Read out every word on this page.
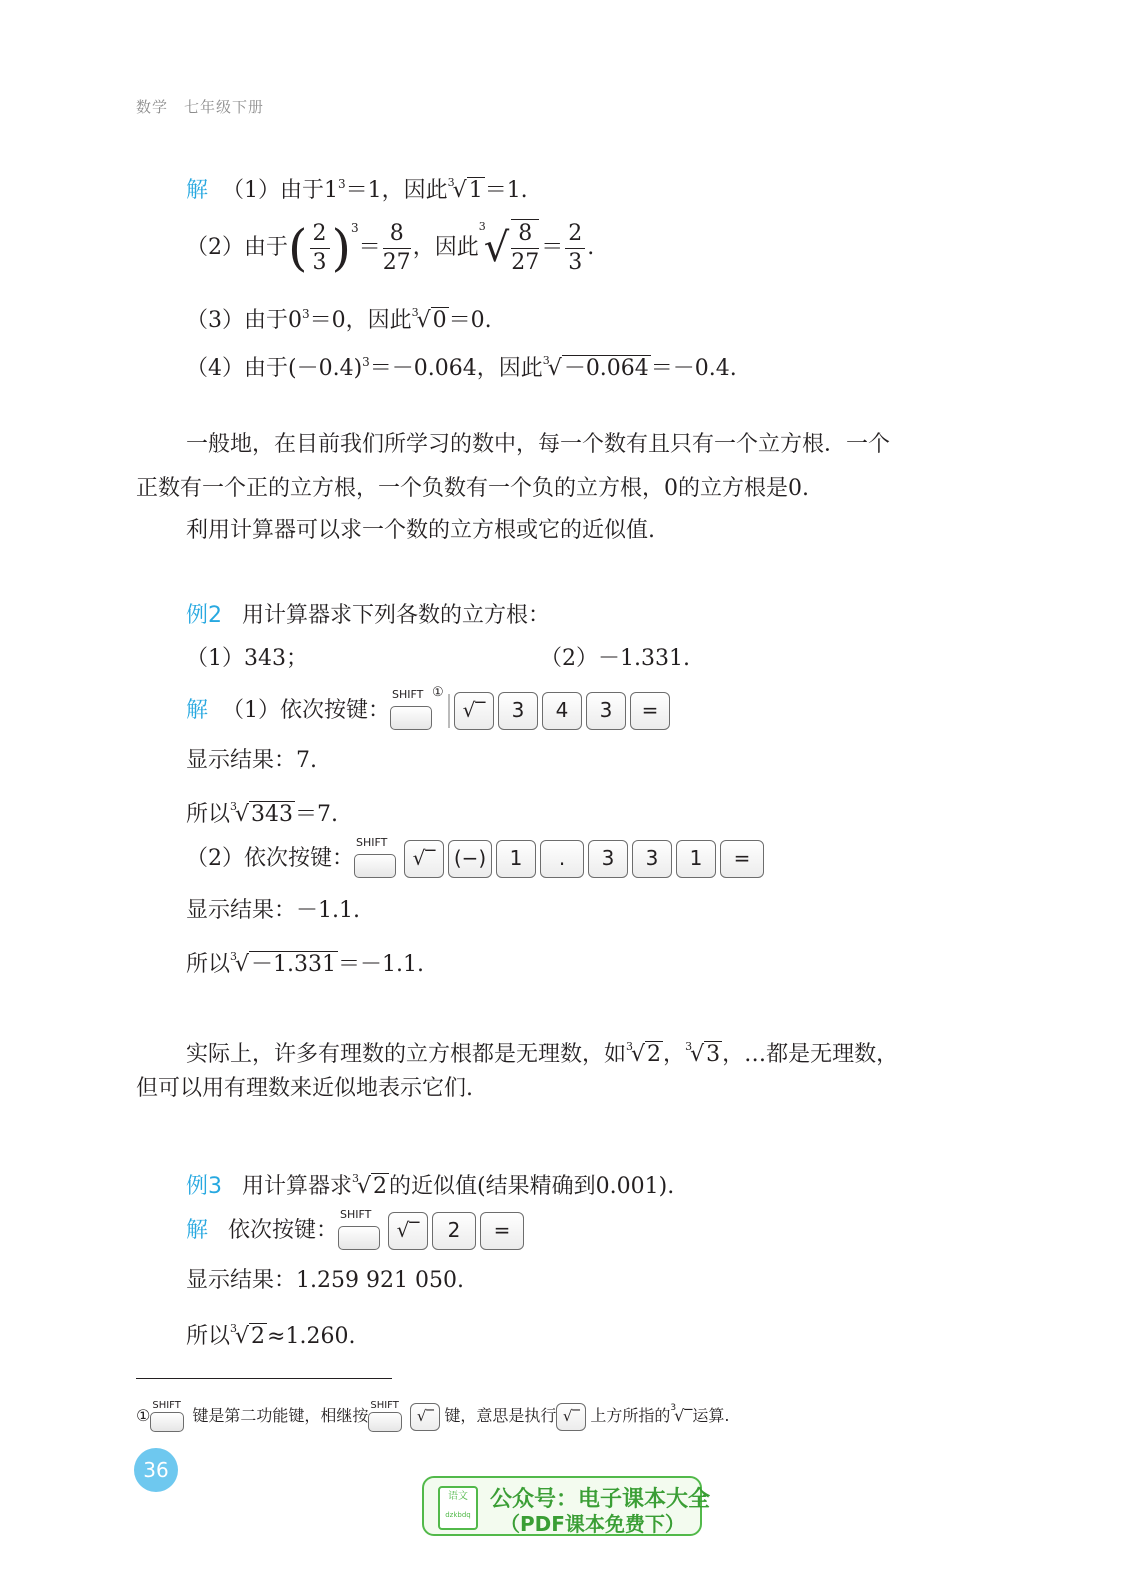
数学　七年级下册
解 （1）由于$1^3=1$，因此$^3$√1＝1.
（2）由于( $\frac{2}{3} )^3= \frac{8}{27}$ ，因此$^3√ \frac{8}{27} = \frac{2}{3}$ .
（3）由于$0^3=0$，因此$^3$√0＝0.
（4）由于$(-0.4)^3=-0.064$，因此$^3$√－0.064＝－0.4.
一般地，在目前我们所学习的数中，每一个数有且只有一个立方根．一个
正数有一个正的立方根，一个负数有一个负的立方根，0的立方根是0.
利用计算器可以求一个数的立方根或它的近似值.
例2 用计算器求下列各数的立方根：
（1）343；	（2）－1.331.
解 （1）依次按键：
SHIFT ①
√‾ 3 4 3 =
显示结果：7.
所以$^3$√343＝7.
（2）依次按键：
SHIFT
√‾ (−) 1 . 3 3 1 =
显示结果：－1.1.
所以$^3$√－1.331＝－1.1.
实际上，许多有理数的立方根都是无理数，如$^3$√2，$^3$√3，…都是无理数，
但可以用有理数来近似地表示它们.
例3 用计算器求$^3$√2的近似值(结果精确到0.001).
解 依次按键：
SHIFT
√‾ 2 =
显示结果：1.259 921 050.
所以$^3$√2≈1.260.
①
SHIFT
键是第二功能键，相继按
SHIFT
√‾ 键，意思是执行 √‾ 上方所指的$^3$√‾运算.
36
语文
dzkbdq
公众号：电子课本大全
（PDF课本免费下）
